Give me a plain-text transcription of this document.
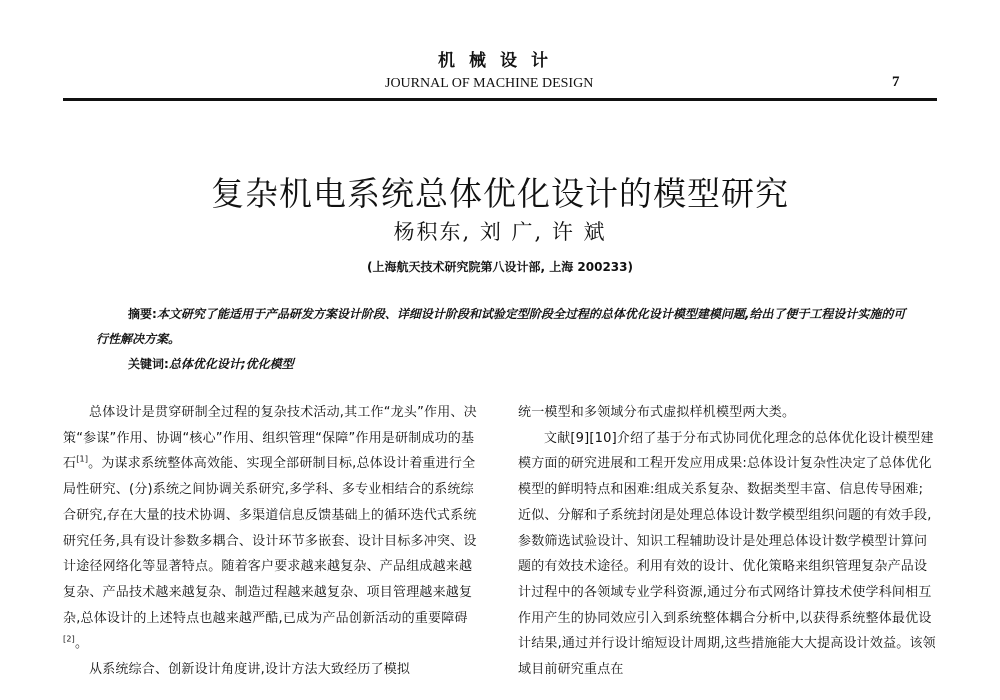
机械设计
JOURNAL OF MACHINE DESIGN	7
复杂机电系统总体优化设计的模型研究
杨积东, 刘 广, 许 斌
(上海航天技术研究院第八设计部, 上海 200233)

摘要:本文研究了能适用于产品研发方案设计阶段、详细设计阶段和试验定型阶段全过程的总体优化设计模型建模问题,给出了便于工程设计实施的可行性解决方案。

关键词:总体优化设计;优化模型

总体设计是贯穿研制全过程的复杂技术活动,其工作“龙头”作用、决策“参谋”作用、协调“核心”作用、组织管理“保障”作用是研制成功的基石[1]。为谋求系统整体高效能、实现全部研制目标,总体设计着重进行全局性研究、(分)系统之间协调关系研究,多学科、多专业相结合的系统综合研究,存在大量的技术协调、多渠道信息反馈基础上的循环迭代式系统研究任务,具有设计参数多耦合、设计环节多嵌套、设计目标多冲突、设计途径网络化等显著特点。随着客户要求越来越复杂、产品组成越来越复杂、产品技术越来越复杂、制造过程越来越复杂、项目管理越来越复杂,总体设计的上述特点也越来越严酷,已成为产品创新活动的重要障碍[2]。

从系统综合、创新设计角度讲,设计方法大致经历了模拟

统一模型和多领域分布式虚拟样机模型两大类。

文献[9][10]介绍了基于分布式协同优化理念的总体优化设计模型建模方面的研究进展和工程开发应用成果:总体设计复杂性决定了总体优化模型的鲜明特点和困难:组成关系复杂、数据类型丰富、信息传导困难;近似、分解和子系统封闭是处理总体设计数学模型组织问题的有效手段,参数筛选试验设计、知识工程辅助设计是处理总体设计数学模型计算问题的有效技术途径。利用有效的设计、优化策略来组织管理复杂产品设计过程中的各领域专业学科资源,通过分布式网络计算技术使学科间相互作用产生的协同效应引入到系统整体耦合分析中,以获得系统整体最优设计结果,通过并行设计缩短设计周期,这些措施能大大提高设计效益。该领域目前研究重点在
